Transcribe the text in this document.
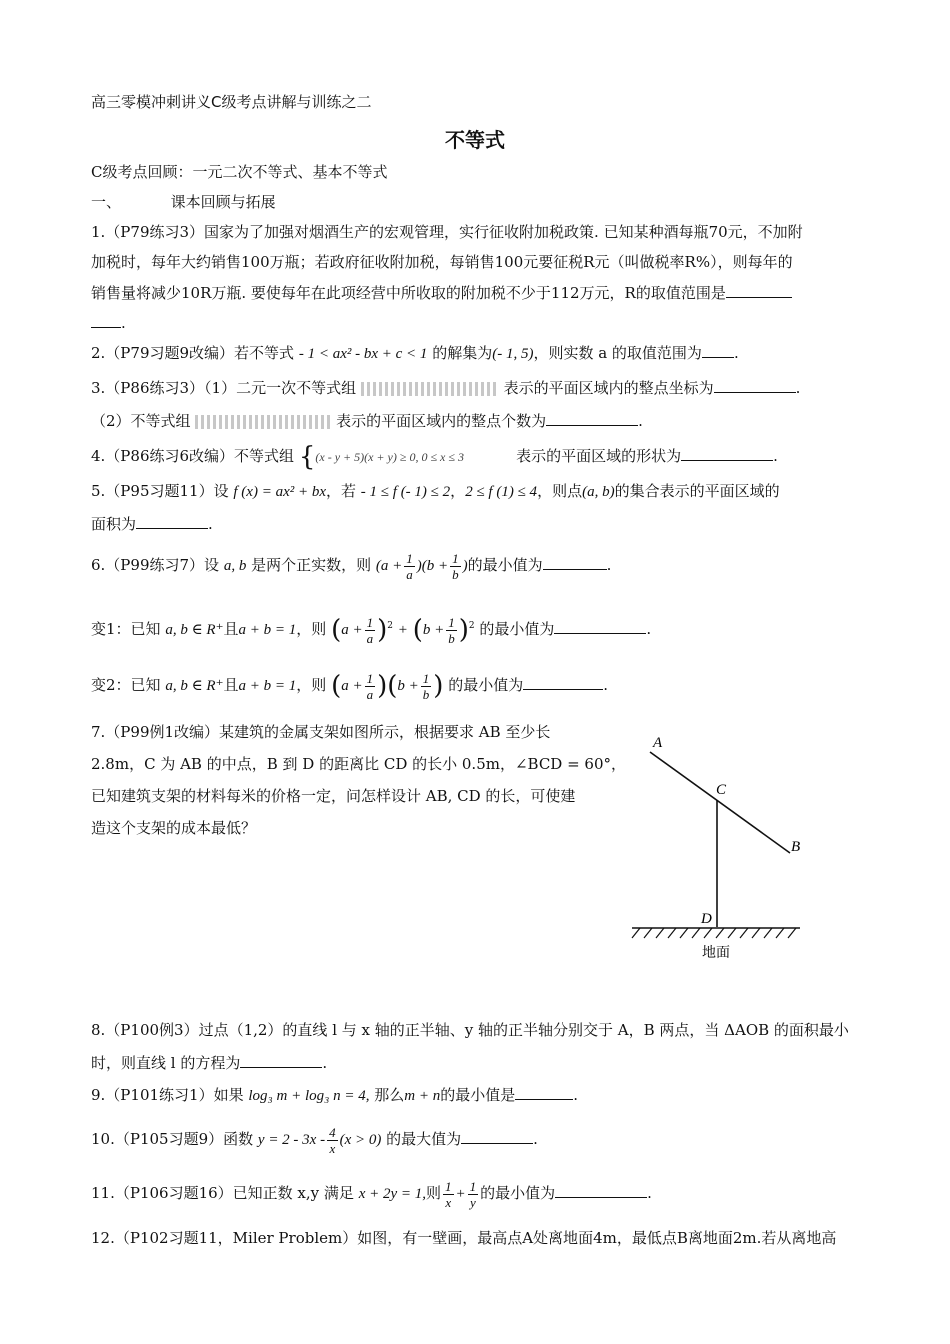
高三零模冲刺讲义C级考点讲解与训练之二
不等式
C级考点回顾：一元二次不等式、基本不等式
一、	课本回顾与拓展
1.（P79练习3）国家为了加强对烟酒生产的宏观管理，实行征收附加税政策. 已知某种酒每瓶70元，不加附
加税时，每年大约销售100万瓶；若政府征收附加税，每销售100元要征税R元（叫做税率R%），则每年的
销售量将减少10R万瓶. 要使每年在此项经营中所收取的附加税不少于112万元，R的取值范围是
.
2.（P79习题9改编）若不等式 - 1 < ax² - bx + c < 1 的解集为(- 1, 5)，则实数 a 的取值范围为 .
3.（P86练习3）（1）二元一次不等式组	表示的平面区域内的整点坐标为	.
（2）不等式组	表示的平面区域内的整点个数为	.
4.（P86练习6改编）不等式组 {(x - y + 5)(x + y) ≥ 0, 0 ≤ x ≤ 3	表示的平面区域的形状为	.
5.（P95习题11）设 f (x) = ax² + bx，若 - 1 ≤ f (- 1) ≤ 2，2 ≤ f (1) ≤ 4，则点(a, b)的集合表示的平面区域的
面积为	.
6.（P99练习7）设 a, b 是两个正实数，则 $(a + \frac{1}{a} )(b + \frac{1}{b}$ )的最小值为	.
变1：已知 a, b ∈ R⁺且a + b = 1，则 $(a + \frac{1}{a} )^2 + (b + \frac{1}{b} )^2$ 的最小值为	.
变2：已知 a, b ∈ R⁺且a + b = 1，则 $(a + \frac{1}{a} )(b + \frac{1}{b}$ ) 的最小值为	.
7.（P99例1改编）某建筑的金属支架如图所示，根据要求 AB 至少长
2.8m，C 为 AB 的中点，B 到 D 的距离比 CD 的长小 0.5m，∠BCD = 60°，
已知建筑支架的材料每米的价格一定，问怎样设计 AB, CD 的长，可使建
造这个支架的成本最低？
A
C
B
D
地面
8.（P100例3）过点（1,2）的直线 l 与 x 轴的正半轴、y 轴的正半轴分别交于 A，B 两点，当 ΔAOB 的面积最小
时，则直线 l 的方程为	.
9.（P101练习1）如果 log₃ m + log₃ n = 4, 那么m + n的最小值是	.
10.（P105习题9）函数 $y = 2 - 3x - \frac{4}{x} (x > 0)$ 的最大值为	.
11.（P106习题16）已知正数 x,y 满足 x + 2y = 1,则 $\frac{1}{x} + \frac{1}{y}$ 的最小值为	.
12.（P102习题11，Miler Problem）如图，有一壁画，最高点A处离地面4m，最低点B离地面2m.若从离地高
